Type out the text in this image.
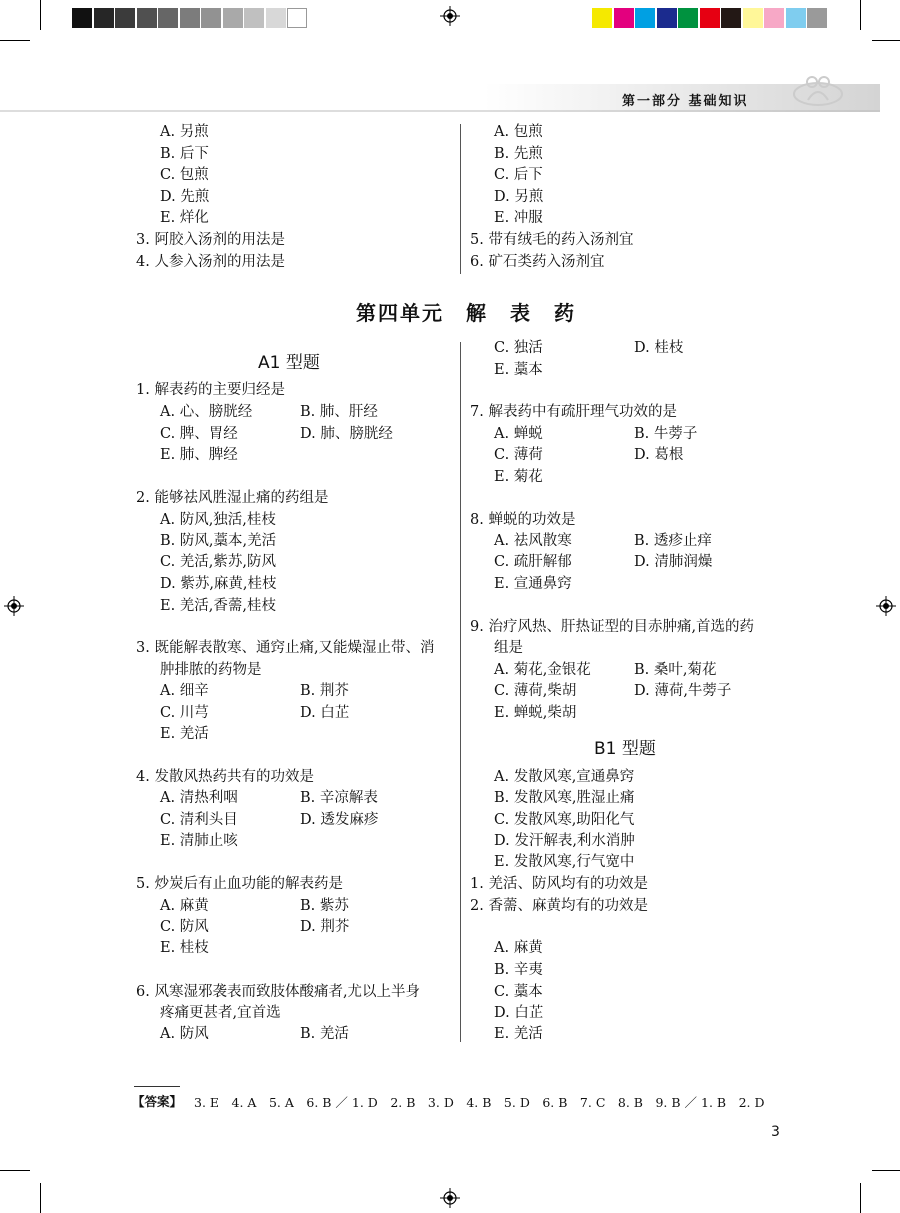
第一部分 基础知识
A. 另煎
B. 后下
C. 包煎
D. 先煎
E. 烊化
3. 阿胶入汤剂的用法是
4. 人参入汤剂的用法是
A. 包煎
B. 先煎
C. 后下
D. 另煎
E. 冲服
5. 带有绒毛的药入汤剂宜
6. 矿石类药入汤剂宜
第四单元　解　表　药
A1 型题
1. 解表药的主要归经是
A. 心、膀胱经	B. 肺、肝经
C. 脾、胃经	D. 肺、膀胱经
E. 肺、脾经
2. 能够祛风胜湿止痛的药组是
A. 防风,独活,桂枝
B. 防风,藁本,羌活
C. 羌活,紫苏,防风
D. 紫苏,麻黄,桂枝
E. 羌活,香薷,桂枝
3. 既能解表散寒、通窍止痛,又能燥湿止带、消
肿排脓的药物是
A. 细辛	B. 荆芥
C. 川芎	D. 白芷
E. 羌活
4. 发散风热药共有的功效是
A. 清热利咽	B. 辛凉解表
C. 清利头目	D. 透发麻疹
E. 清肺止咳
5. 炒炭后有止血功能的解表药是
A. 麻黄	B. 紫苏
C. 防风	D. 荆芥
E. 桂枝
6. 风寒湿邪袭表而致肢体酸痛者,尤以上半身
疼痛更甚者,宜首选
A. 防风	B. 羌活
C. 独活	D. 桂枝
E. 藁本
7. 解表药中有疏肝理气功效的是
A. 蝉蜕	B. 牛蒡子
C. 薄荷	D. 葛根
E. 菊花
8. 蝉蜕的功效是
A. 祛风散寒	B. 透疹止痒
C. 疏肝解郁	D. 清肺润燥
E. 宣通鼻窍
9. 治疗风热、肝热证型的目赤肿痛,首选的药
组是
A. 菊花,金银花	B. 桑叶,菊花
C. 薄荷,柴胡	D. 薄荷,牛蒡子
E. 蝉蜕,柴胡
B1 型题
A. 发散风寒,宣通鼻窍
B. 发散风寒,胜湿止痛
C. 发散风寒,助阳化气
D. 发汗解表,利水消肿
E. 发散风寒,行气宽中
1. 羌活、防风均有的功效是
2. 香薷、麻黄均有的功效是
A. 麻黄
B. 辛夷
C. 藁本
D. 白芷
E. 羌活
【答案】 3. E　4. A　5. A　6. B ／ 1. D　2. B　3. D　4. B　5. D　6. B　7. C　8. B　9. B ／ 1. B　2. D
3
